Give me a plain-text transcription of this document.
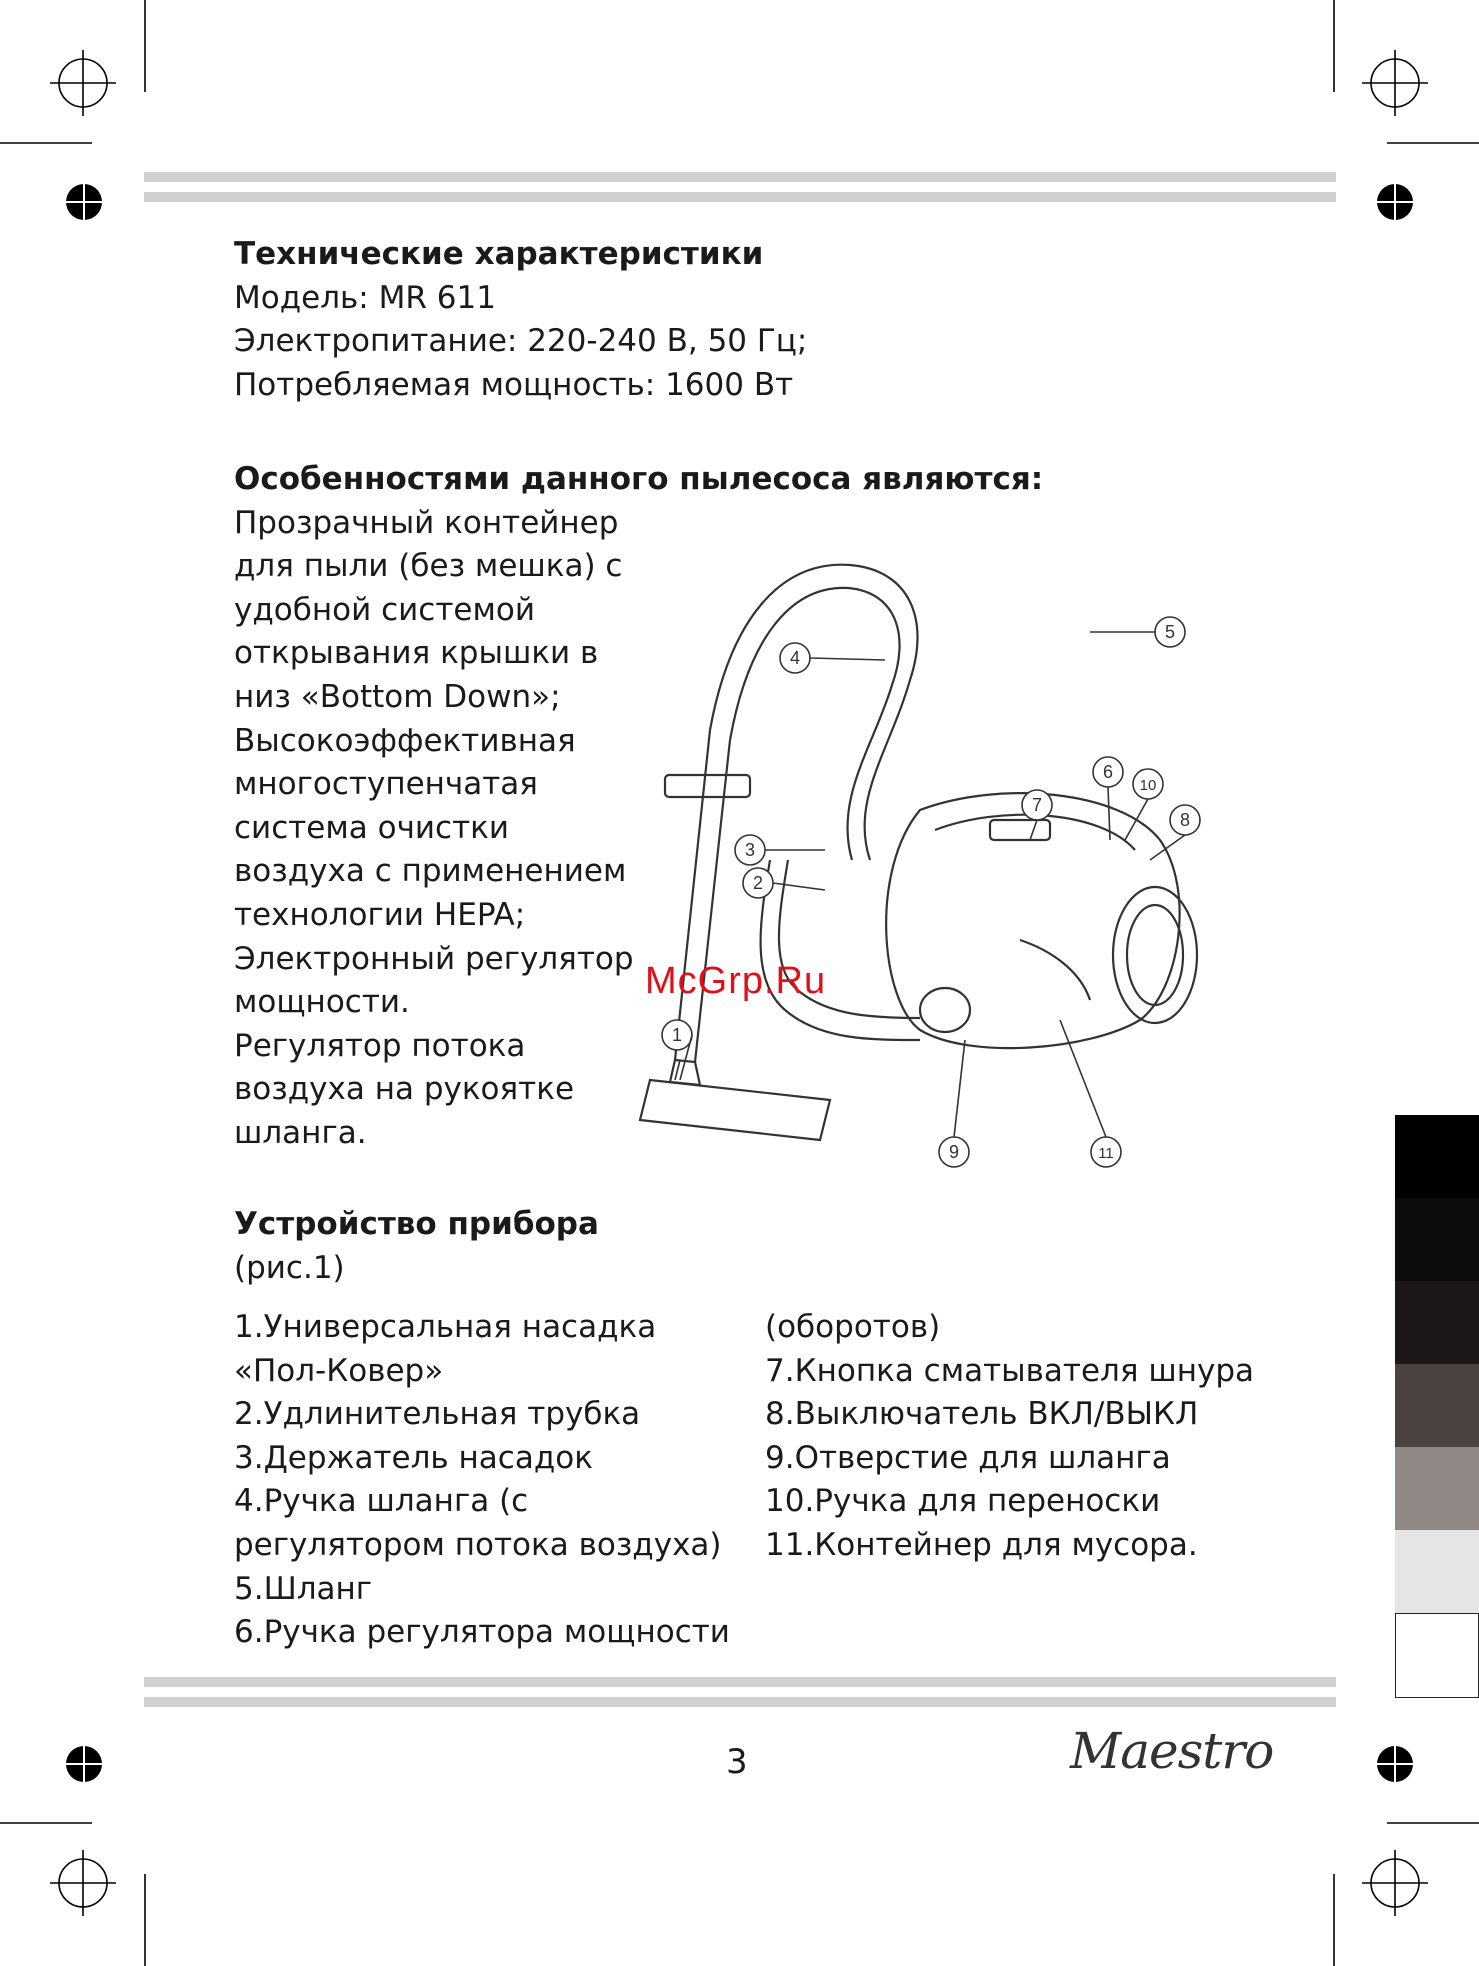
Технические характеристики
Модель: MR 611
Электропитание: 220-240 В, 50 Гц;
Потребляемая мощность: 1600 Вт
Особенностями данного пылесоса являются:
Прозрачный контейнер
для пыли (без мешка) с
удобной системой
открывания крышки в
низ «Bottom Down»;
Высокоэффективная
многоступенчатая
система очистки
воздуха с применением
технологии HEPA;
Электронный регулятор
мощности.
Регулятор потока
воздуха на рукоятке
шланга.
1
2
3
4
5
6
7
8
9
10
11
McGrp.Ru
Устройство прибора
(рис.1)
1.Универсальная насадка
«Пол-Ковер»
2.Удлинительная трубка
3.Держатель насадок
4.Ручка шланга (с
регулятором потока воздуха)
5.Шланг
6.Ручка регулятора мощности
(оборотов)
7.Кнопка сматывателя шнура
8.Выключатель ВКЛ/ВЫКЛ
9.Отверстие для шланга
10.Ручка для переноски
11.Контейнер для мусора.
3	Maestro
